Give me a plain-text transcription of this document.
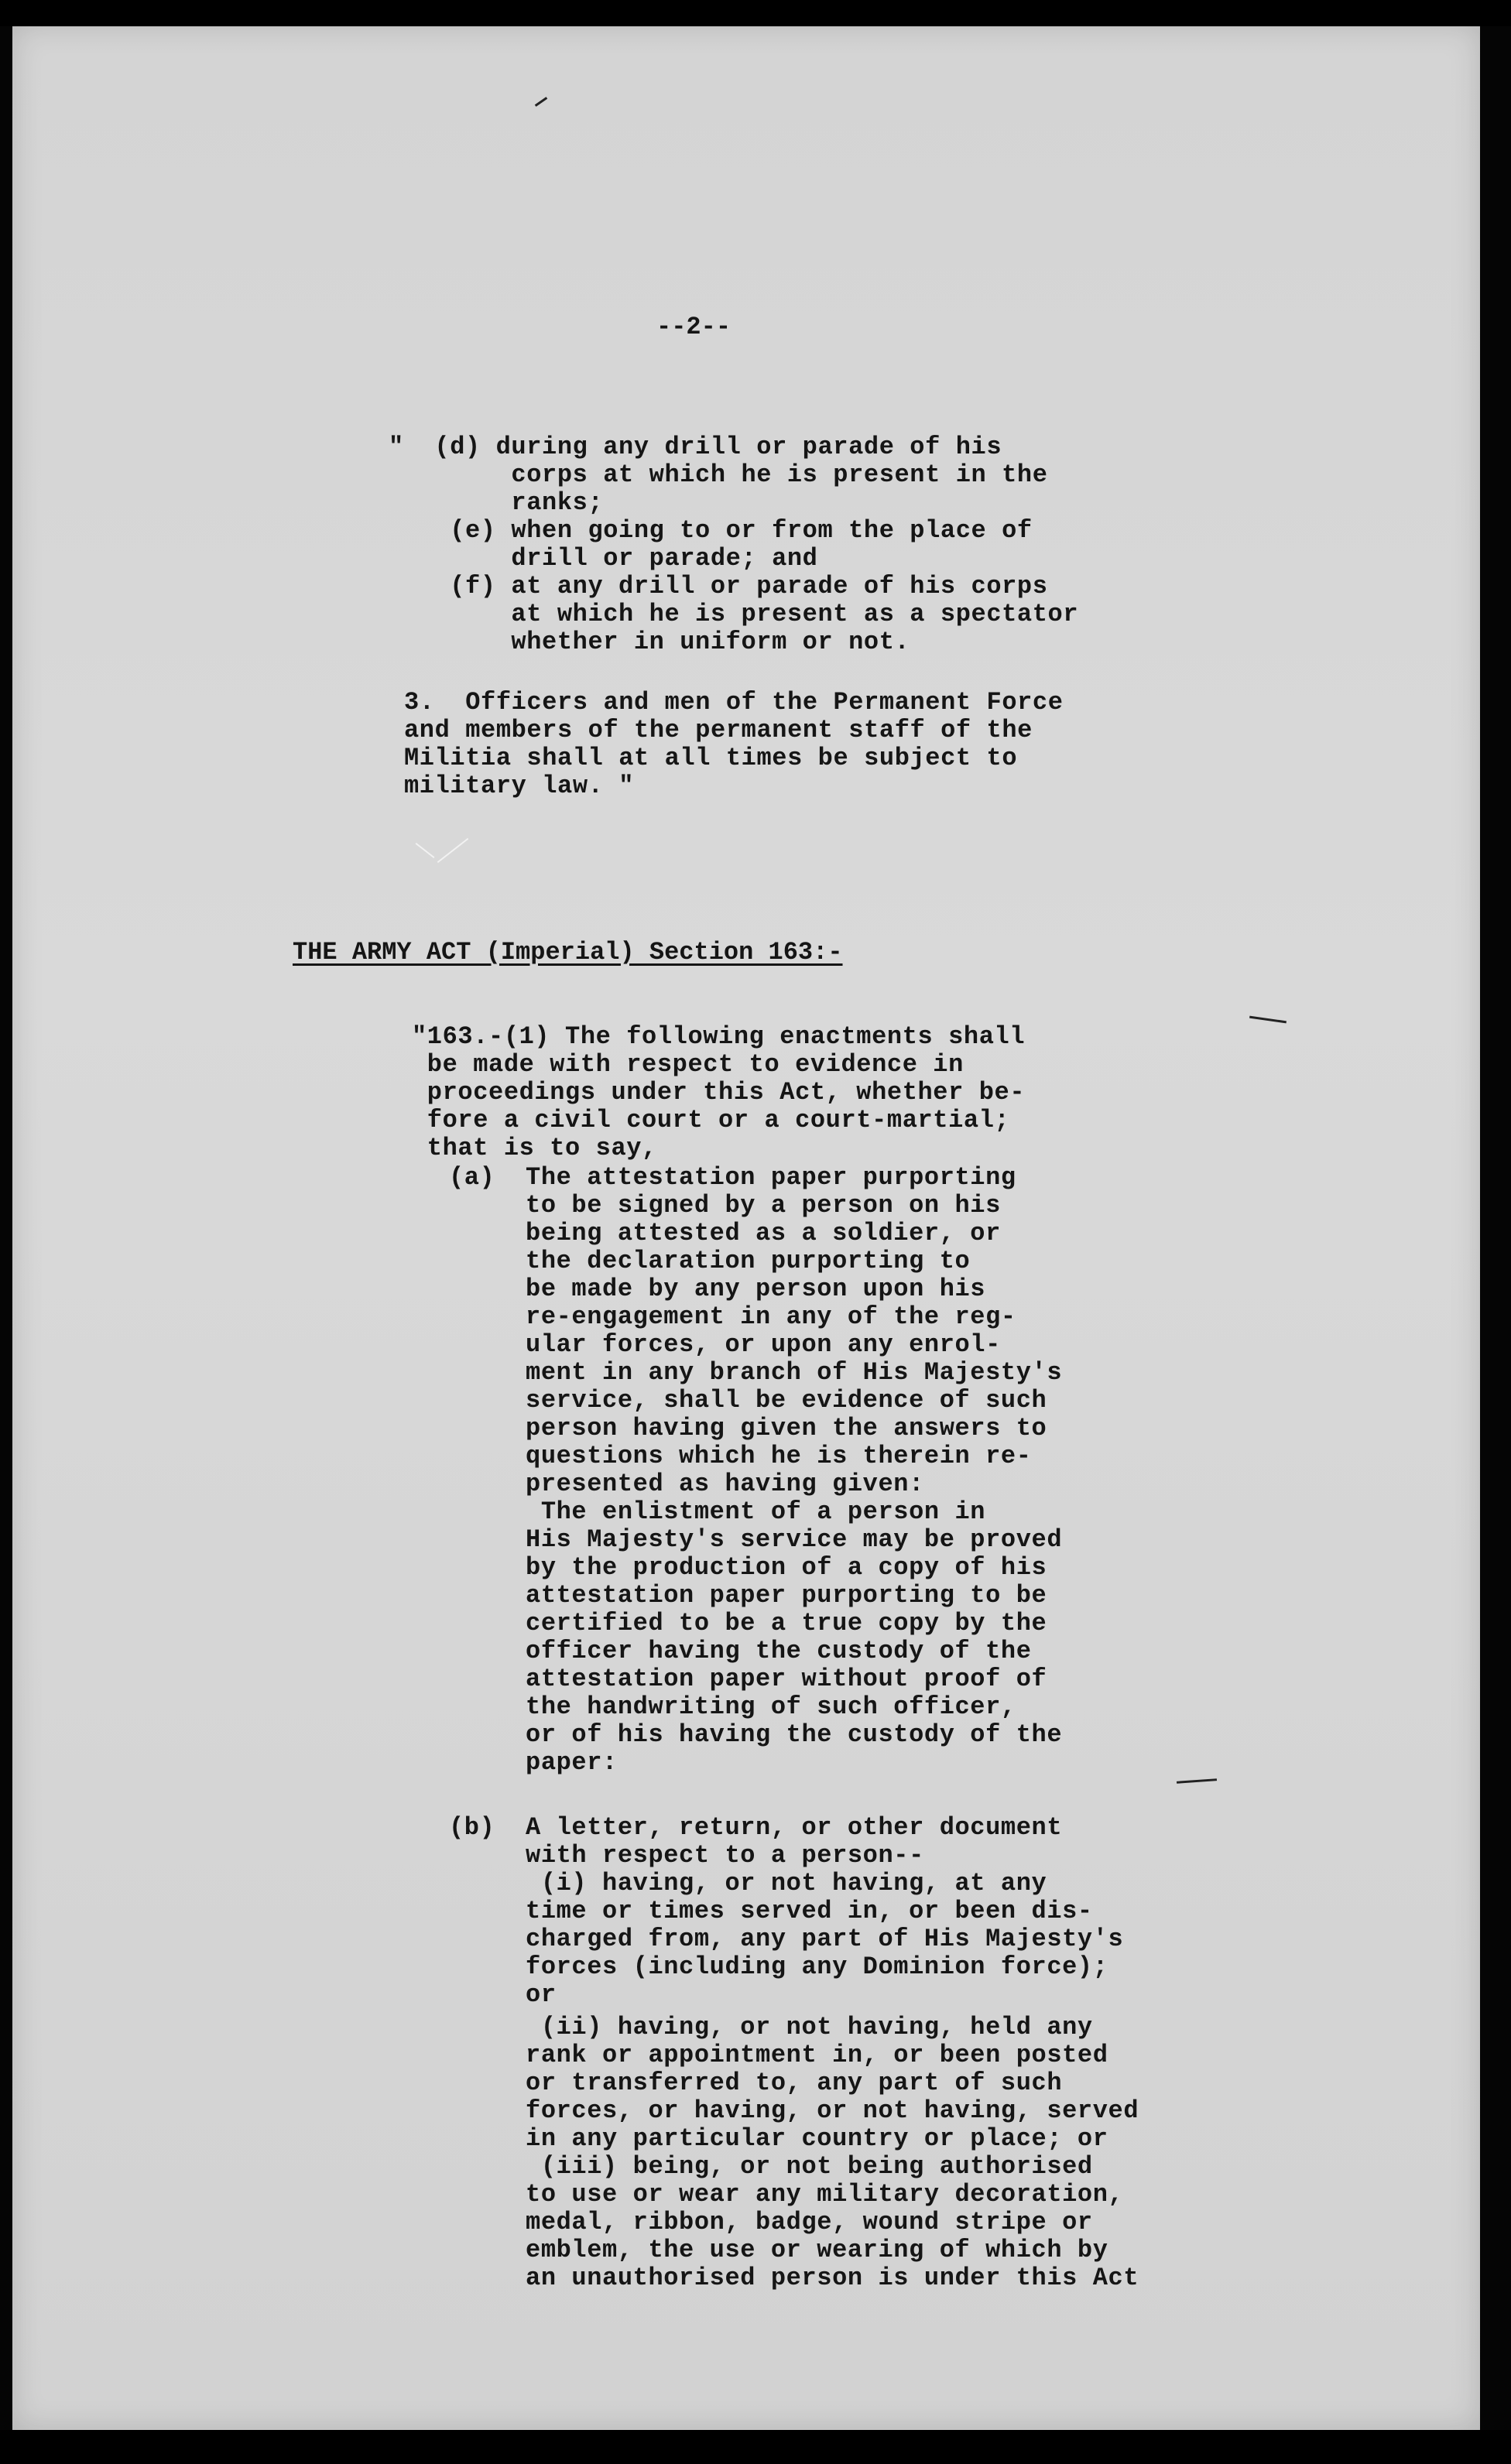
--2--
"  (d) during any drill or parade of his
corps at which he is present in the
ranks;
(e) when going to or from the place of
drill or parade; and
(f) at any drill or parade of his corps
at which he is present as a spectator
whether in uniform or not.
3.  Officers and men of the Permanent Force
and members of the permanent staff of the
Militia shall at all times be subject to
military law. "
THE ARMY ACT (Imperial) Section 163:-
"163.-(1) The following enactments shall
be made with respect to evidence in
proceedings under this Act, whether be-
fore a civil court or a court-martial;
that is to say,
(a)  The attestation paper purporting
to be signed by a person on his
being attested as a soldier, or
the declaration purporting to
be made by any person upon his
re-engagement in any of the reg-
ular forces, or upon any enrol-
ment in any branch of His Majesty's
service, shall be evidence of such
person having given the answers to
questions which he is therein re-
presented as having given:
The enlistment of a person in
His Majesty's service may be proved
by the production of a copy of his
attestation paper purporting to be
certified to be a true copy by the
officer having the custody of the
attestation paper without proof of
the handwriting of such officer,
or of his having the custody of the
paper:
(b)  A letter, return, or other document
with respect to a person--
(i) having, or not having, at any
time or times served in, or been dis-
charged from, any part of His Majesty's
forces (including any Dominion force);
or
(ii) having, or not having, held any
rank or appointment in, or been posted
or transferred to, any part of such
forces, or having, or not having, served
in any particular country or place; or
(iii) being, or not being authorised
to use or wear any military decoration,
medal, ribbon, badge, wound stripe or
emblem, the use or wearing of which by
an unauthorised person is under this Act
